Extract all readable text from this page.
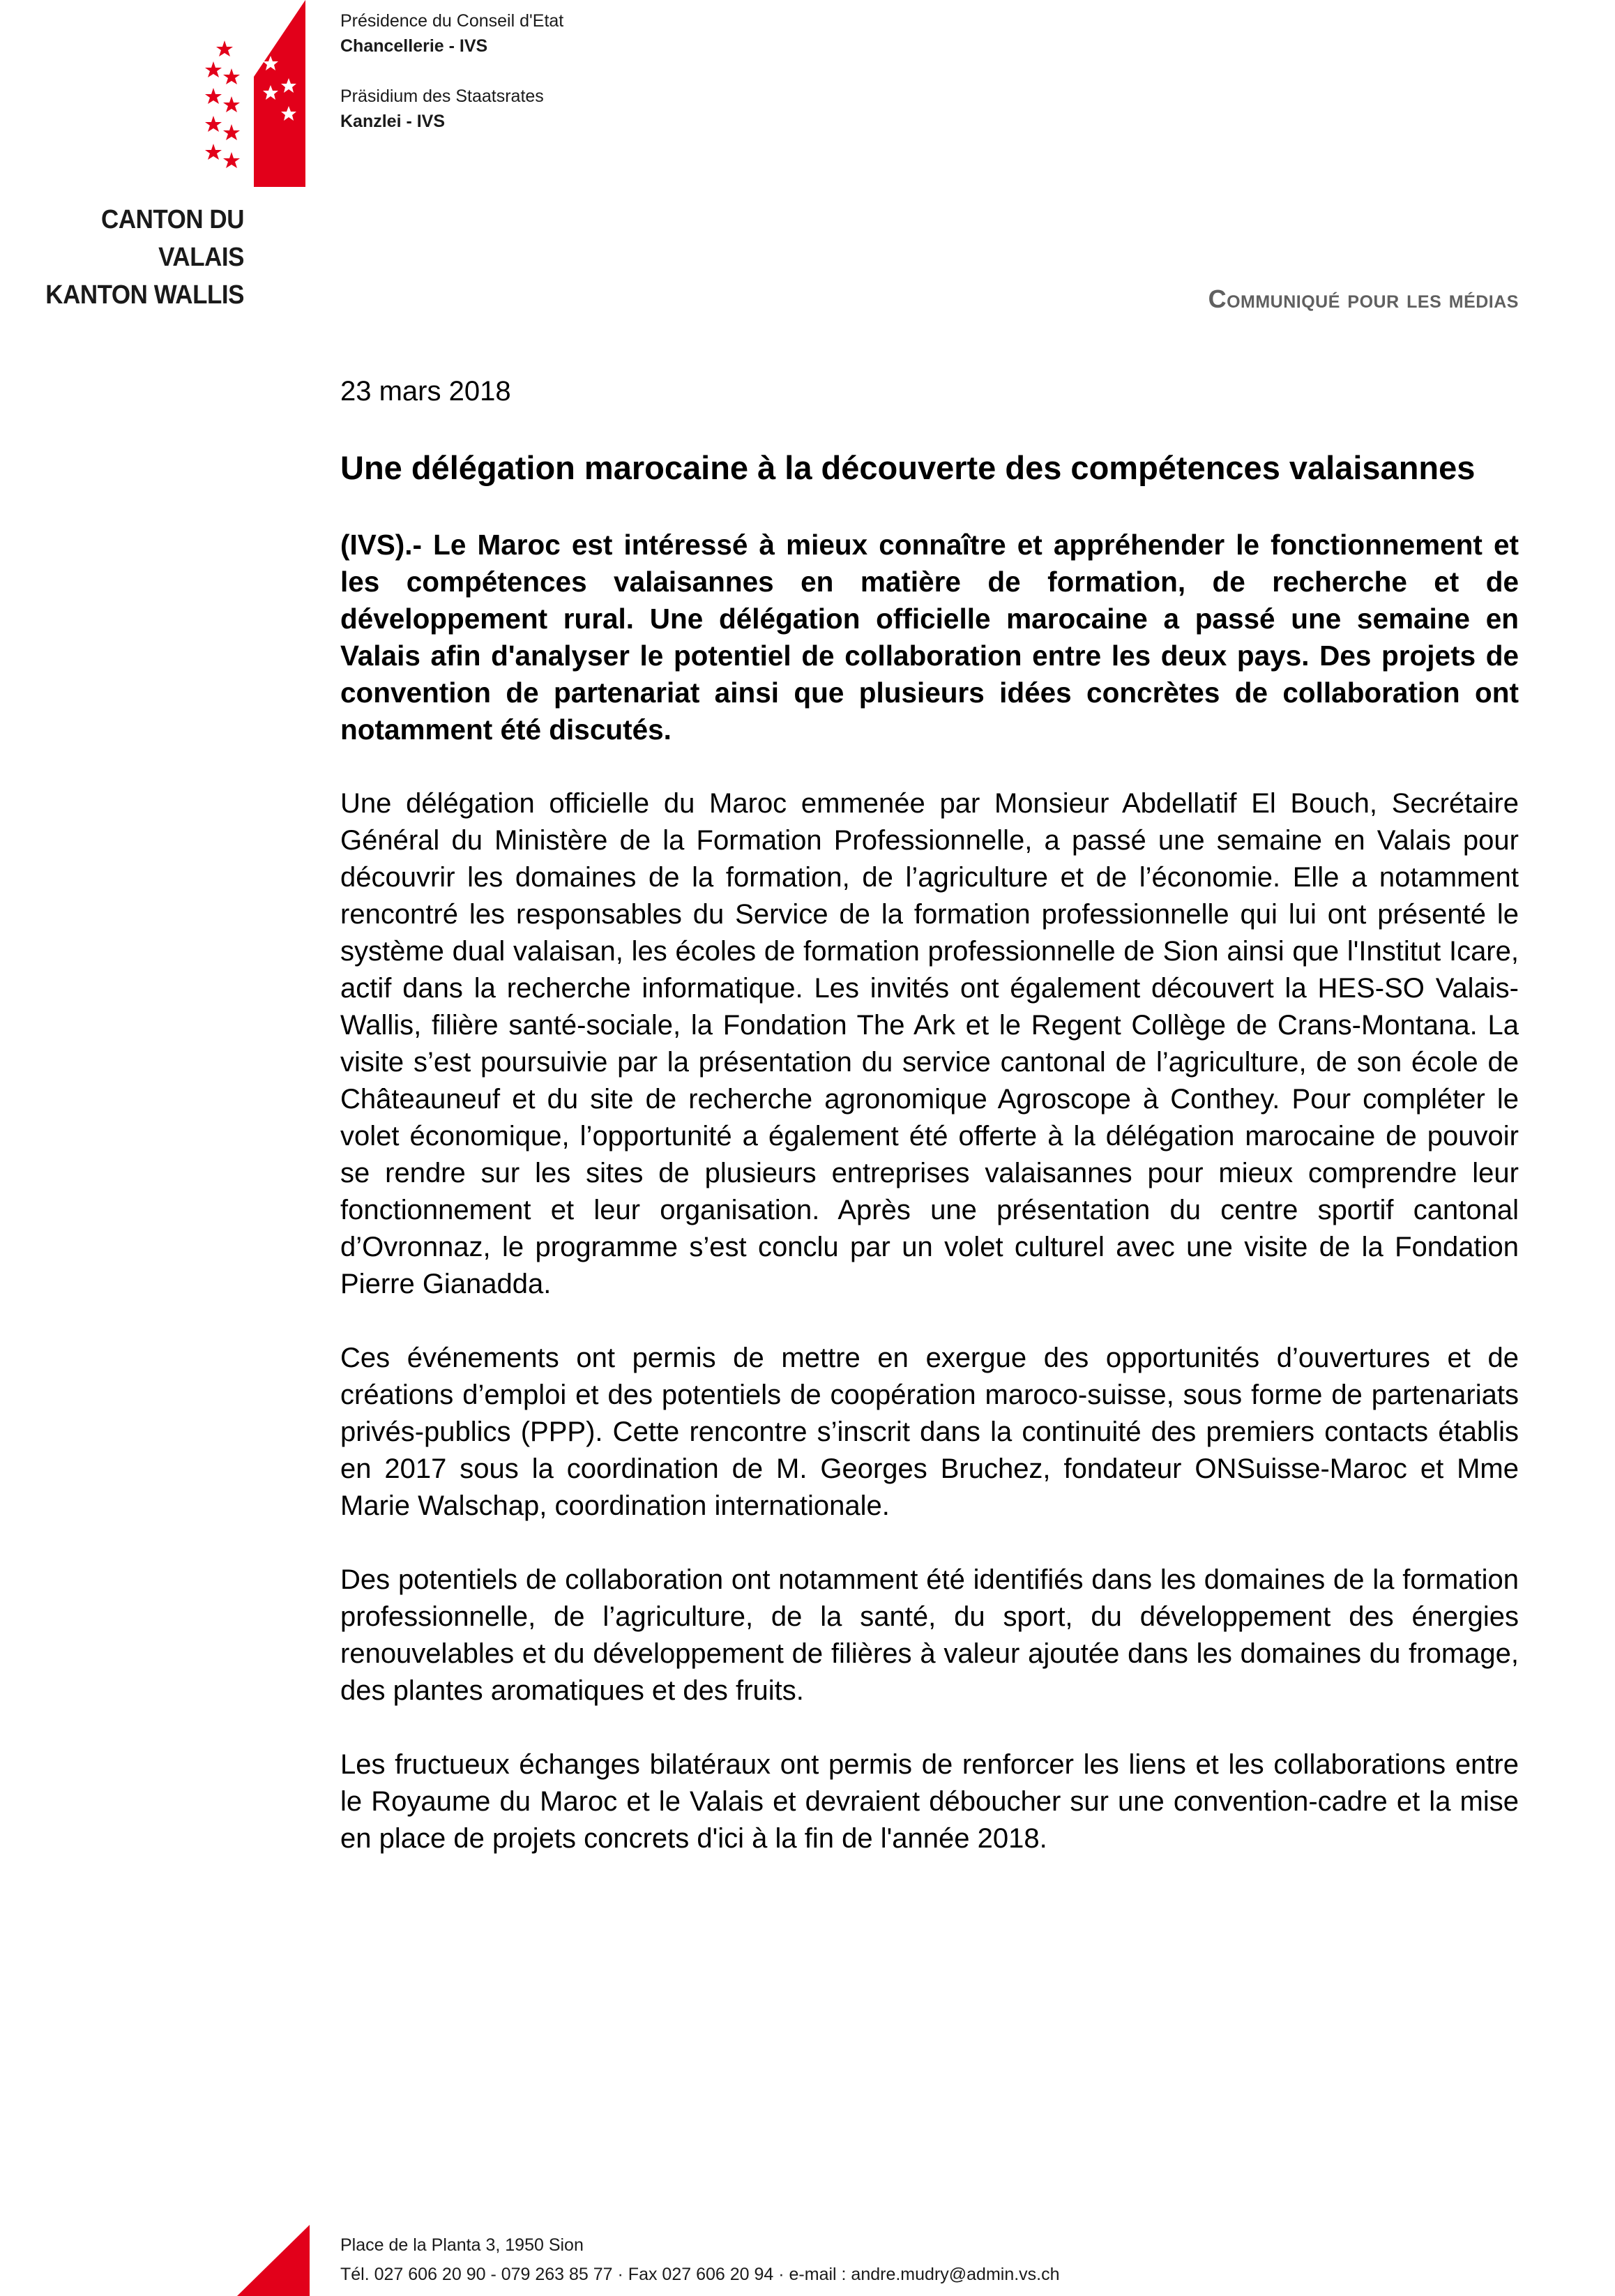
CANTON DU VALAIS
KANTON WALLIS
Présidence du Conseil d'Etat
Chancellerie - IVS
Präsidium des Staatsrates
Kanzlei - IVS
Communiqué pour les médias
23 mars 2018
Une délégation marocaine à la découverte des compétences valaisannes
(IVS).- Le Maroc est intéressé à mieux connaître et appréhender le fonctionnement et les compétences valaisannes en matière de formation, de recherche et de développement rural. Une délégation officielle marocaine a passé une semaine en Valais afin d'analyser le potentiel de collaboration entre les deux pays. Des projets de convention de partenariat ainsi que plusieurs idées concrètes de collaboration ont notamment été discutés.
Une délégation officielle du Maroc emmenée par Monsieur Abdellatif El Bouch, Secrétaire Général du Ministère de la Formation Professionnelle, a passé une semaine en Valais pour découvrir les domaines de la formation, de l’agriculture et de l’économie. Elle a notamment rencontré les responsables du Service de la formation professionnelle qui lui ont présenté le système dual valaisan, les écoles de formation professionnelle de Sion ainsi que l'Institut Icare, actif dans la recherche informatique. Les invités ont également découvert la HES-SO Valais-Wallis, filière santé-sociale, la Fondation The Ark et le Regent Collège de Crans-Montana. La visite s’est poursuivie par la présentation du service cantonal de l’agriculture, de son école de Châteauneuf et du site de recherche agronomique Agroscope à Conthey. Pour compléter le volet économique, l’opportunité a également été offerte à la délégation marocaine de pouvoir se rendre sur les sites de plusieurs entreprises valaisannes pour mieux comprendre leur fonctionnement et leur organisation. Après une présentation du centre sportif cantonal d’Ovronnaz, le programme s’est conclu par un volet culturel avec une visite de la Fondation Pierre Gianadda.
Ces événements ont permis de mettre en exergue des opportunités d’ouvertures et de créations d’emploi et des potentiels de coopération maroco-suisse, sous forme de partenariats privés-publics (PPP). Cette rencontre s’inscrit dans la continuité des premiers contacts établis en 2017 sous la coordination de M. Georges Bruchez, fondateur ONSuisse-Maroc et Mme Marie Walschap, coordination internationale.
Des potentiels de collaboration ont notamment été identifiés dans les domaines de la formation professionnelle, de l’agriculture, de la santé, du sport, du développement des énergies renouvelables et du développement de filières à valeur ajoutée dans les domaines du fromage, des plantes aromatiques et des fruits.
Les fructueux échanges bilatéraux ont permis de renforcer les liens et les collaborations entre le Royaume du Maroc et le Valais et devraient déboucher sur une convention-cadre et la mise en place de projets concrets d'ici à la fin de l'année 2018.
Place de la Planta 3, 1950 Sion
Tél. 027 606 20 90 - 079 263 85 77 · Fax 027 606 20 94 · e-mail : andre.mudry@admin.vs.ch
